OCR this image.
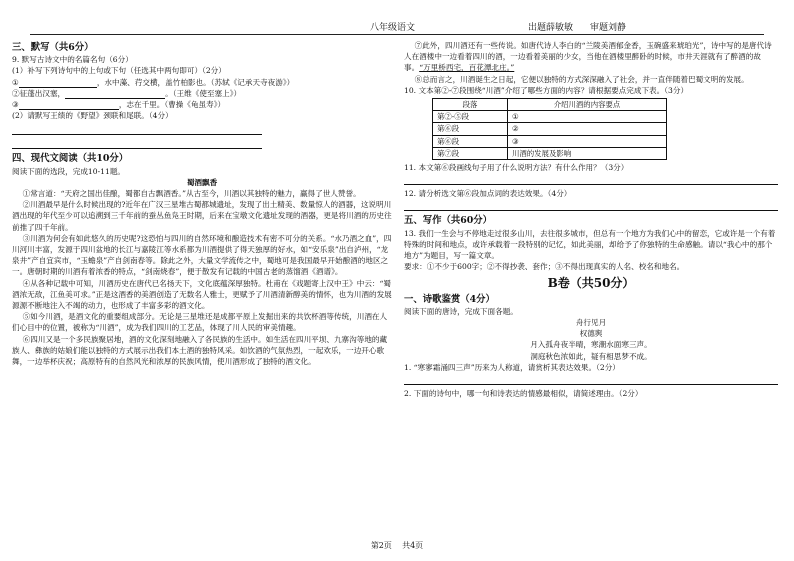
八年级语文	出题薛敏敏 审题刘静
三、默写（共6分）

9. 默写古诗文中的名篇名句（6分）

(1）补写下列诗句中的上句或下句（任选其中两句即可）（2分）

①	，水中藻、荇交横，盖竹柏影也。（苏轼《记承天寺夜游》）

②征蓬出汉塞，	。（王维《使至塞上》）

③	，志在千里。（曹操《龟虽寿》）

(2）请默写王绩的《野望》颈联和尾联。（4分）

四、现代文阅读（共10分）

阅读下面的选段，完成10-11题。

蜀酒飘香

①常言道：“天府之国出佳酿，蜀都自古飘酒香。”从古至今，川酒以其独特的魅力，赢得了世人赞誉。

②川酒最早是什么时候出现的?近年在广汉三星堆古蜀都城遗址，发现了出土精美、数量惊人的酒器，这说明川酒出现的年代至少可以追溯到三千年前的蚕丛鱼凫王时期，后来在宝墩文化遗址发现的酒器，更是将川酒的历史往前推了四千年前。

③川酒为何会有如此悠久的历史呢?这恐怕与四川的自然环境和酿造技术有密不可分的关系。“水乃酒之血”，四川河川丰富，发源于四川盆地的长江与嘉陵江等水系都为川酒提供了得天独厚的好水，如“安乐泉”出自泸州，“龙泉井”产自宜宾市，“玉蟾泉”产自剑南春等。除此之外，大量文学流传之中，蜀地可是我国最早开始酿酒的地区之一。唐朝时期的川酒有着浓香的特点，“剑南烧春”，便于散发有记载的中国古老的蒸馏酒《酒谱》。

④从各种记载中可知，川酒历史在唐代已名扬天下，文化底蕴深厚独特。杜甫在《戏题寄上汉中王》中云：“蜀酒浓无敌，江鱼美可求。”正是这酒香的美酒创造了无数名人雅士，更赋予了川酒清新醇美的情怀，也为川酒的发展源源不断地注入不竭的动力，也形成了丰富多彩的酒文化。

⑤如今川酒，是酒文化的重要组成部分。无论是三星堆还是成都平原上发掘出来的共饮杯酒等传统，川酒在人们心目中的位置，被称为“川酒”，成为我们四川的工艺品，体现了川人民的审美情趣。

⑥四川又是一个多民族聚居地，酒的文化深刻地融入了各民族的生活中。如生活在四川平坝、九寨沟等地的藏族人、彝族的姑娘们能以独特的方式展示出我们本土酒的独特风采。如饮酒的气氛热烈，一起欢乐，一边开心歌舞，一边举杯庆祝；高原特有的自然风光和浓厚的民族风情，使川酒形成了独特的酒文化。

⑦此外，四川酒还有一些传说。如唐代诗人李白的“兰陵美酒郁金香，玉碗盛来琥珀光”，诗中写的是唐代诗人在酒楼中一边看着四川的酒，一边看着美丽的少女，当他在酒楼里醉卧的时候，市井天涯就有了醉酒的故事。“万里桥西宅，百花潭北庄。”

⑧总而言之，川酒诞生之日起，它便以独特的方式深深融入了社会，并一直伴随着巴蜀文明的发展。

10. 文本第②-⑦段围绕“川酒”介绍了哪些方面的内容？请根据要点完成下表。（3分）

段落	介绍川酒的内容要点
第②-⑤段	①
第⑥段	②
第⑥段	③
第⑦段	川酒的发展及影响

11. 本文第⑥段画线句子用了什么说明方法？有什么作用？（3分）

12. 请分析选文第⑥段加点词的表达效果。（4分）

五、写作（共60分）

13. 我们一生会与不停地走过很多山川，去往很多城市，但总有一个地方为我们心中的留恋，它或许是一个有着特殊的时间和地点，或许承载着一段特别的记忆，如此美丽，却给予了你独特的生命感触。请以“我心中的那个地方”为题目，写一篇文章。

要求：①不少于600字；②不得抄袭、套作；③不得出现真实的人名、校名和地名。

B卷（共50分）
一、诗歌鉴赏（4分）

阅读下面的唐诗，完成下面各题。

舟行见月

权德舆

月入孤舟夜半晴，寒潮水面寒三声。

洞庭秋色浓如此，疑有相思梦不成。

1. “寒寥霜涌四三声”历来为人称道，请赏析其表达效果。（2分）

2. 下面的诗句中，哪一句和诗表达的情感最相似，请简述理由。（2分）

第2页 共4页
